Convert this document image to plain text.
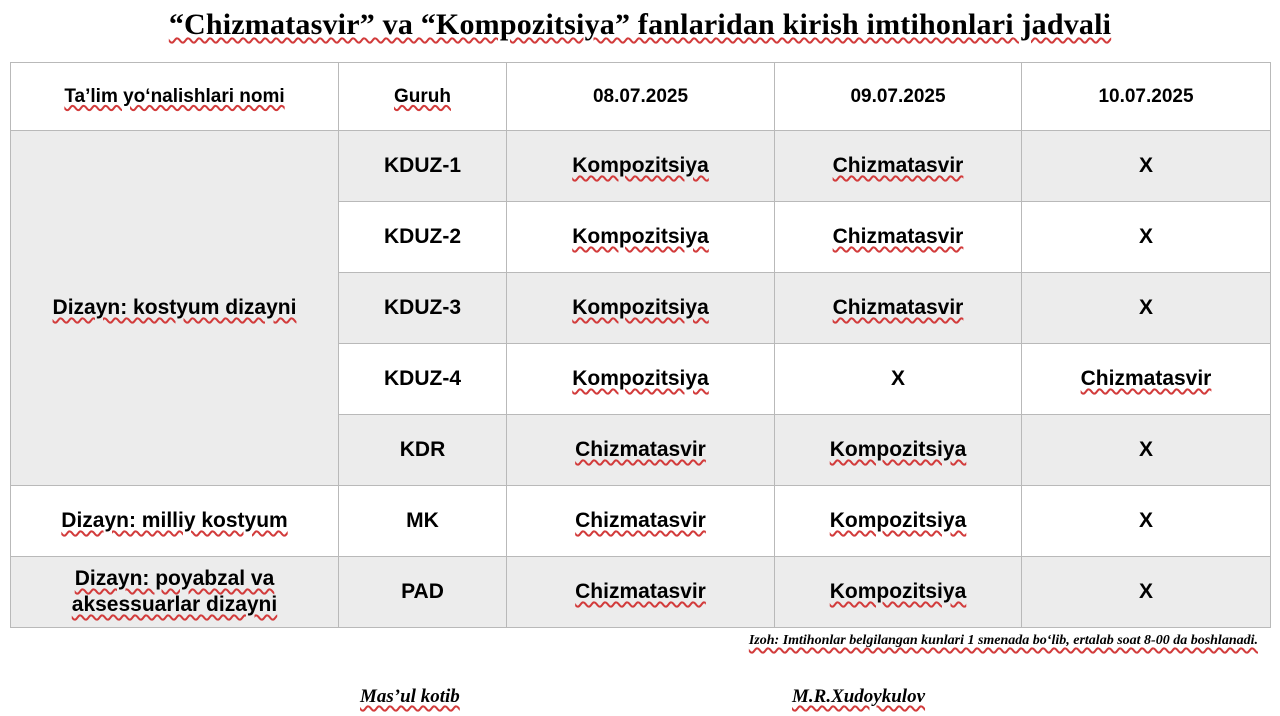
“Chizmatasvir” va “Kompozitsiya” fanlaridan kirish imtihonlari jadvali
Ta’lim yo‘nalishlari nomi	Guruh	08.07.2025	09.07.2025	10.07.2025
Dizayn: kostyum dizayni	KDUZ-1	Kompozitsiya	Chizmatasvir	X
	KDUZ-2	Kompozitsiya	Chizmatasvir	X
	KDUZ-3	Kompozitsiya	Chizmatasvir	X
	KDUZ-4	Kompozitsiya	X	Chizmatasvir
	KDR	Chizmatasvir	Kompozitsiya	X
Dizayn: milliy kostyum	MK	Chizmatasvir	Kompozitsiya	X
Dizayn: poyabzal va aksessuarlar dizayni	PAD	Chizmatasvir	Kompozitsiya	X
Izoh: Imtihonlar belgilangan kunlari 1 smenada bo‘lib, ertalab soat 8-00 da boshlanadi.
Mas’ul kotib	M.R.Xudoykulov
